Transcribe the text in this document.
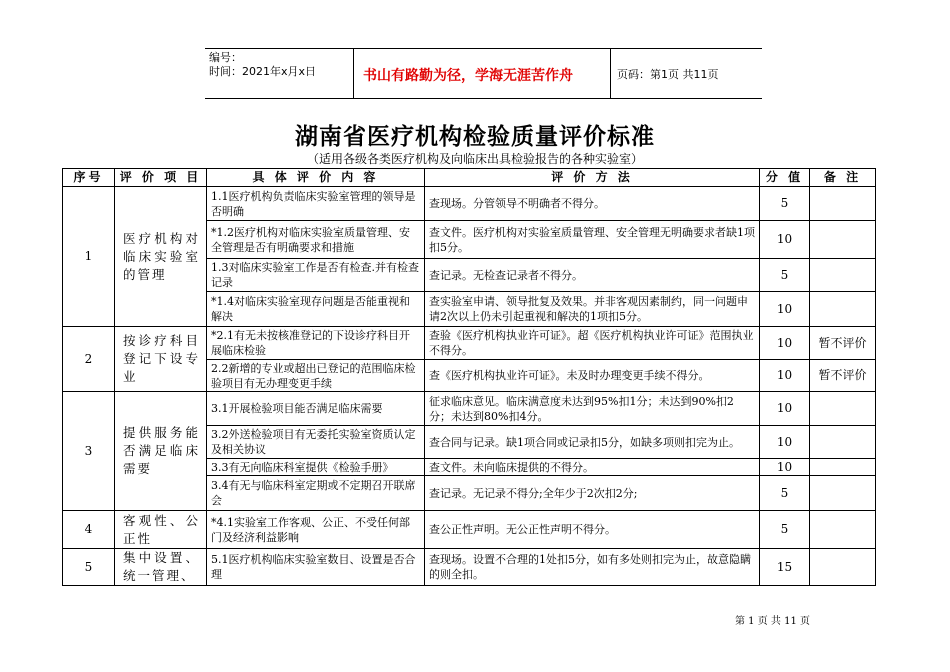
编号：
时间：2021年x月x日	书山有路勤为径，学海无涯苦作舟	页码：第1页 共11页
湖南省医疗机构检验质量评价标准
（适用各级各类医疗机构及向临床出具检验报告的各种实验室）
序号	评 价 项 目	具 体 评 价 内 容	评 价 方 法	分 值	备 注
1	医疗机构对临床实验室的管理	1.1医疗机构负责临床实验室管理的领导是否明确	查现场。分管领导不明确者不得分。	5	
		*1.2医疗机构对临床实验室质量管理、安全管理是否有明确要求和措施	查文件。医疗机构对实验室质量管理、安全管理无明确要求者缺1项扣5分。	10	
		1.3对临床实验室工作是否有检查.并有检查记录	查记录。无检查记录者不得分。	5	
		*1.4对临床实验室现存问题是否能重视和解决	查实验室申请、领导批复及效果。并非客观因素制约，同一问题申请2次以上仍未引起重视和解决的1项扣5分。	10	
2	按诊疗科目登记下设专业	*2.1有无未按核准登记的下设诊疗科目开展临床检验	查验《医疗机构执业许可证》。超《医疗机构执业许可证》范围执业不得分。	10	暂不评价
		2.2新增的专业或超出已登记的范围临床检验项目有无办理变更手续	查《医疗机构执业许可证》。未及时办理变更手续不得分。	10	暂不评价
3	提供服务能否满足临床需要	3.1开展检验项目能否满足临床需要	征求临床意见。临床满意度未达到95%扣1分；未达到90%扣2分；未达到80%扣4分。	10	
		3.2外送检验项目有无委托实验室资质认定及相关协议	查合同与记录。缺1项合同或记录扣5分，如缺多项则扣完为止。	10	
		3.3有无向临床科室提供《检验手册》	查文件。未向临床提供的不得分。	10	
		3.4有无与临床科室定期或不定期召开联席会	查记录。无记录不得分;全年少于2次扣2分;	5	
4	客观性、公正性	*4.1实验室工作客观、公正、不受任何部门及经济利益影响	查公正性声明。无公正性声明不得分。	5	
5	集中设置、统一管理、	5.1医疗机构临床实验室数目、设置是否合理	查现场。设置不合理的1处扣5分，如有多处则扣完为止，故意隐瞒的则全扣。	15	
第 1 页 共 11 页
